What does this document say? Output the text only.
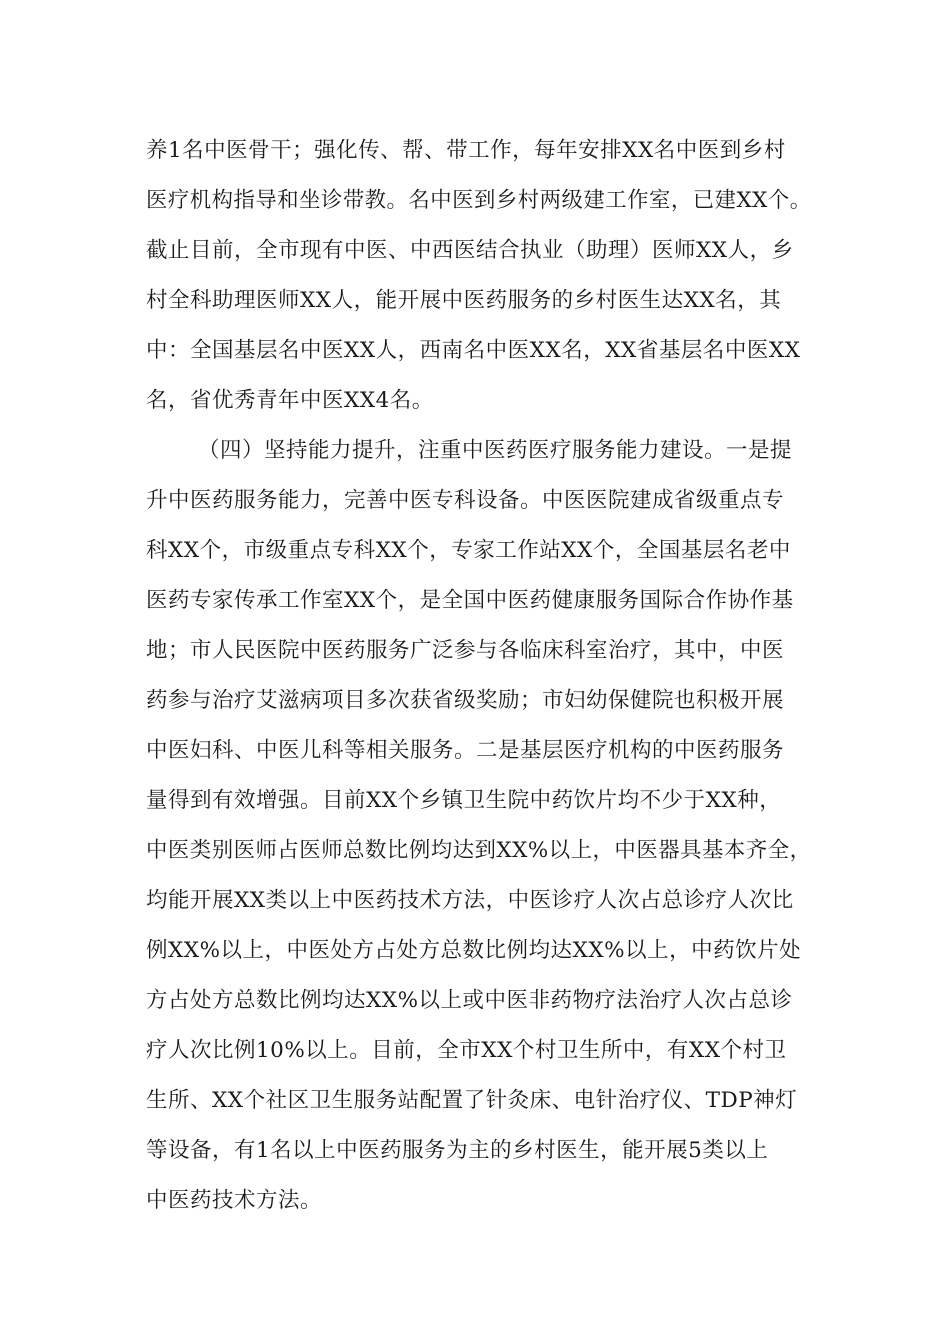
养1名中医骨干；强化传、帮、带工作，每年安排XX名中医到乡村
医疗机构指导和坐诊带教。名中医到乡村两级建工作室，已建XX个。
截止目前，全市现有中医、中西医结合执业（助理）医师XX人，乡
村全科助理医师XX人，能开展中医药服务的乡村医生达XX名，其
中：全国基层名中医XX人，西南名中医XX名，XX省基层名中医XX
名，省优秀青年中医XX4名。
（四）坚持能力提升，注重中医药医疗服务能力建设。一是提
升中医药服务能力，完善中医专科设备。中医医院建成省级重点专
科XX个，市级重点专科XX个，专家工作站XX个，全国基层名老中
医药专家传承工作室XX个，是全国中医药健康服务国际合作协作基
地；市人民医院中医药服务广泛参与各临床科室治疗，其中，中医
药参与治疗艾滋病项目多次获省级奖励；市妇幼保健院也积极开展
中医妇科、中医儿科等相关服务。二是基层医疗机构的中医药服务
量得到有效增强。目前XX个乡镇卫生院中药饮片均不少于XX种，
中医类别医师占医师总数比例均达到XX%以上，中医器具基本齐全，
均能开展XX类以上中医药技术方法，中医诊疗人次占总诊疗人次比
例XX%以上，中医处方占处方总数比例均达XX%以上，中药饮片处
方占处方总数比例均达XX%以上或中医非药物疗法治疗人次占总诊
疗人次比例10%以上。目前，全市XX个村卫生所中，有XX个村卫
生所、XX个社区卫生服务站配置了针灸床、电针治疗仪、TDP神灯
等设备，有1名以上中医药服务为主的乡村医生，能开展5类以上
中医药技术方法。
